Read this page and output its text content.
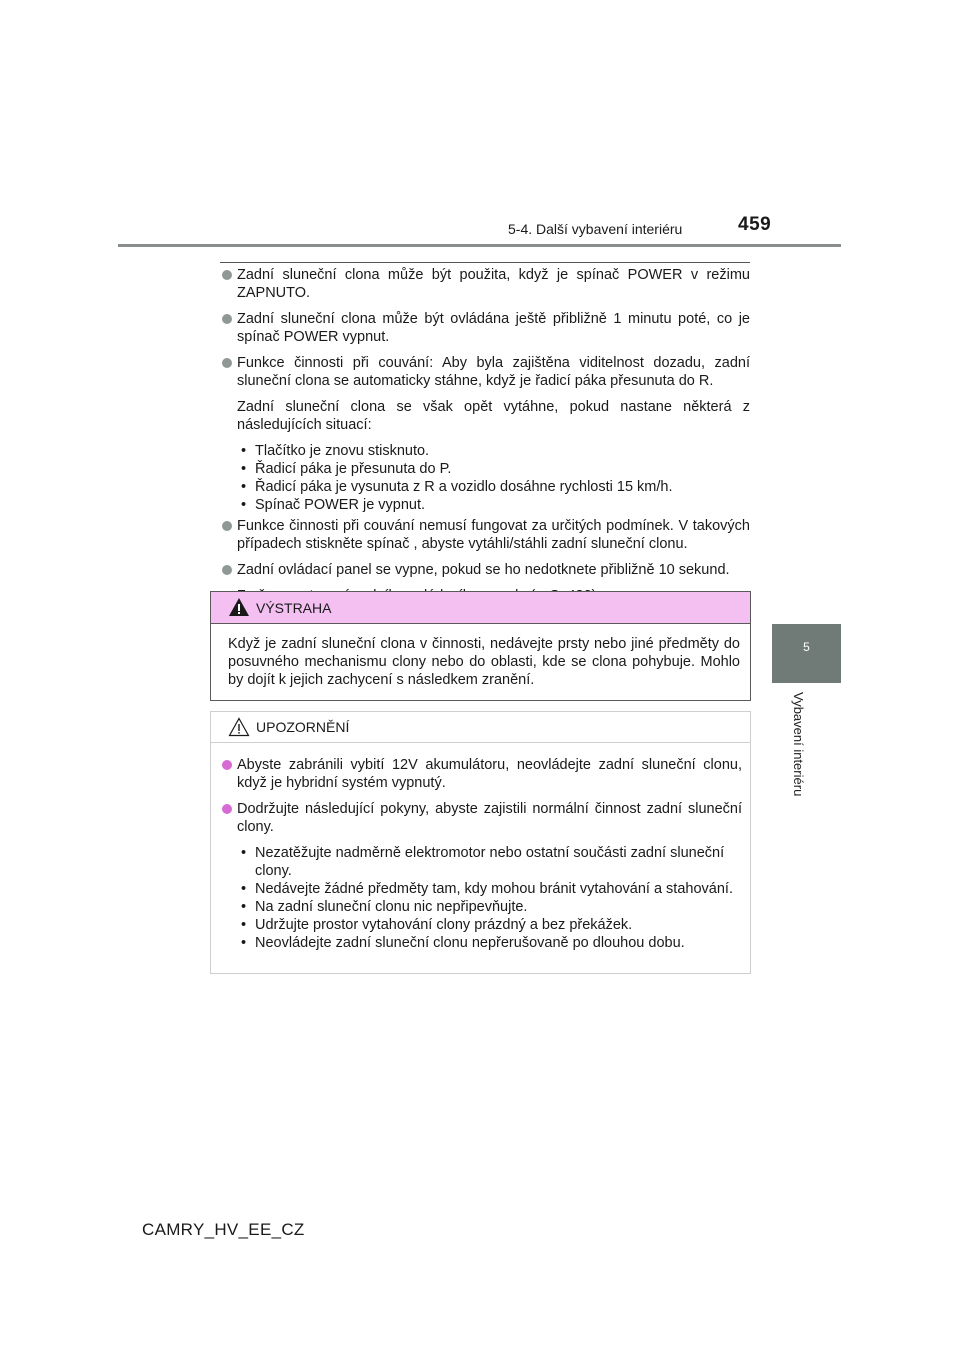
5-4. Další vybavení interiéru	459
5
Vybavení interiéru
Zadní sluneční clona může být použita, když je spínač POWER v režimu ZAPNUTO.
Zadní sluneční clona může být ovládána ještě přibližně 1 minutu poté, co je spínač POWER vypnut.
Funkce činnosti při couvání: Aby byla zajištěna viditelnost dozadu, zadní sluneční clona se automaticky stáhne, když je řadicí páka přesunuta do R.
Zadní sluneční clona se však opět vytáhne, pokud nastane některá z následujících situací:
• Tlačítko je znovu stisknuto.
• Řadicí páka je přesunuta do P.
• Řadicí páka je vysunuta z R a vozidlo dosáhne rychlosti 15 km/h.
• Spínač POWER je vypnut.
Funkce činnosti při couvání nemusí fungovat za určitých podmínek. V takových případech stiskněte spínač , abyste vytáhli/stáhli zadní sluneční clonu.
Zadní ovládací panel se vypne, pokud se ho nedotknete přibližně 10 sekund.
VÝSTRAHA
Když je zadní sluneční clona v činnosti, nedávejte prsty nebo jiné předměty do posuvného mechanismu clony nebo do oblasti, kde se clona pohybuje. Mohlo by dojít k jejich zachycení s následkem zranění.
UPOZORNĚNÍ
Abyste zabránili vybití 12V akumulátoru, neovládejte zadní sluneční clonu, když je hybridní systém vypnutý.
Dodržujte následující pokyny, abyste zajistili normální činnost zadní sluneční clony.
• Nezatěžujte nadměrně elektromotor nebo ostatní součásti zadní sluneční clony.
• Nedávejte žádné předměty tam, kdy mohou bránit vytahování a stahování.
• Na zadní sluneční clonu nic nepřipevňujte.
• Udržujte prostor vytahování clony prázdný a bez překážek.
• Neovládejte zadní sluneční clonu nepřerušovaně po dlouhou dobu.
CAMRY_HV_EE_CZ
